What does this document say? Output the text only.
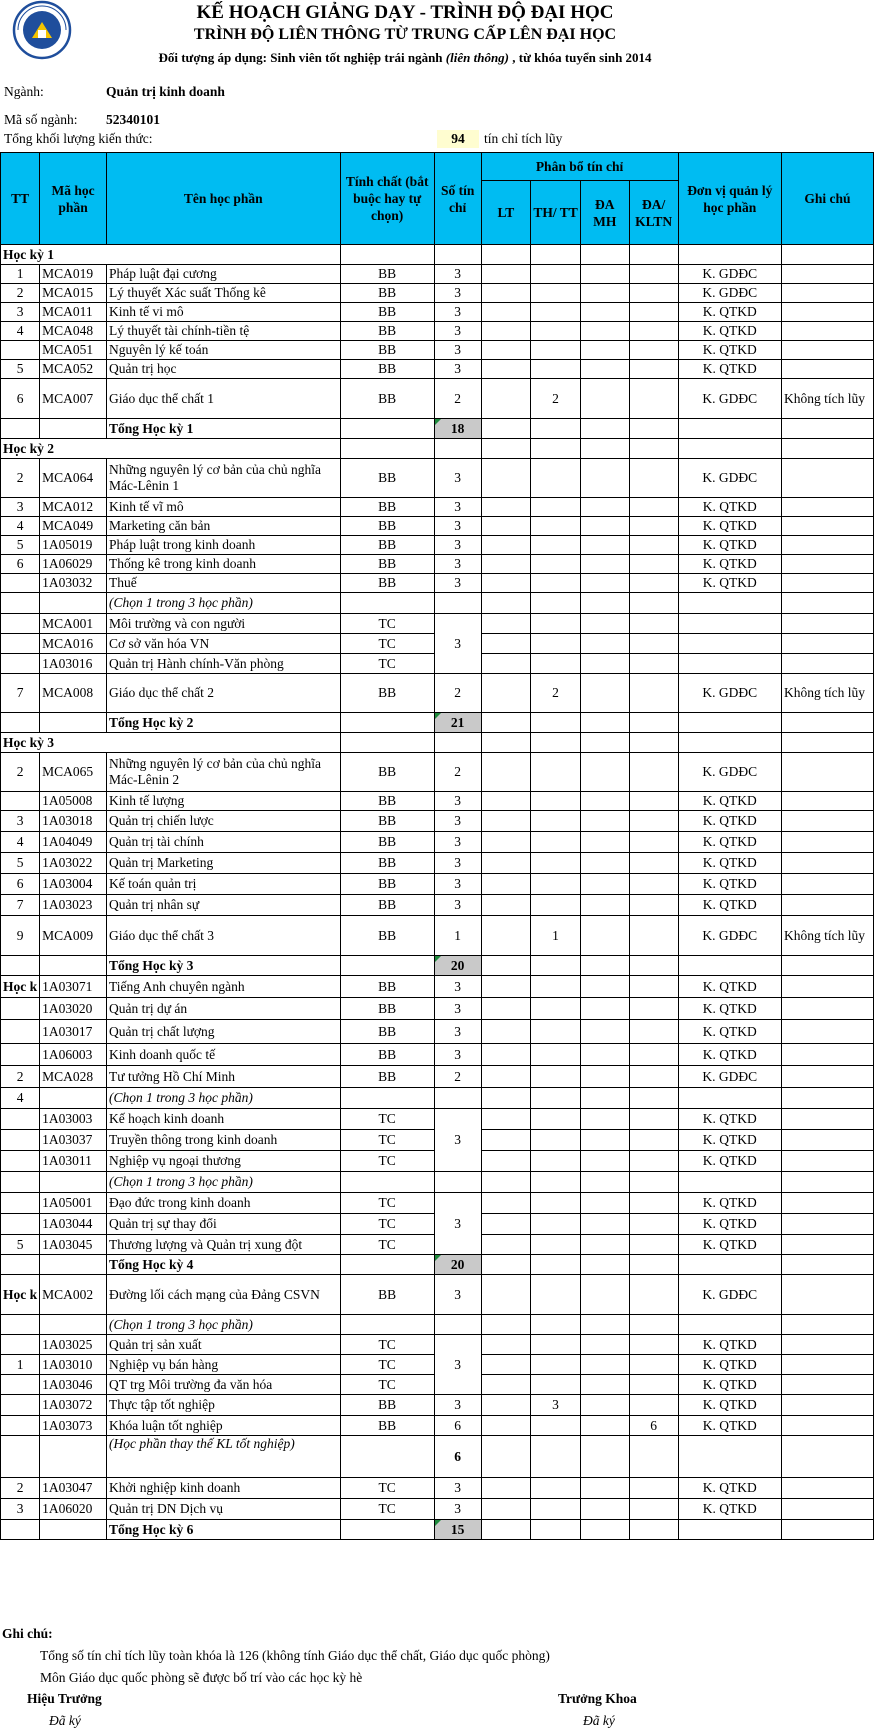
KẾ HOẠCH GIẢNG DẠY - TRÌNH ĐỘ ĐẠI HỌC
TRÌNH ĐỘ LIÊN THÔNG TỪ TRUNG CẤP LÊN ĐẠI HỌC
Đối tượng áp dụng: Sinh viên tốt nghiệp trái ngành (liên thông) , từ khóa tuyển sinh 2014
Ngành:	Quản trị kinh doanh
Mã số ngành: 52340101
Tổng khối lượng kiến thức:	94	tín chỉ tích lũy
TT	Mã học phần	Tên học phần	Tính chất (bắt buộc hay tự chọn)	Số tín chỉ	Phân bổ tín chỉ				Đơn vị quản lý học phần	Ghi chú
					LT	TH/ TT	ĐA MH	ĐA/ KLTN		
Học kỳ 1										
1	MCA019	Pháp luật đại cương	BB	3					K. GDĐC	
2	MCA015	Lý thuyết Xác suất Thống kê	BB	3					K. GDĐC	
3	MCA011	Kinh tế vi mô	BB	3					K. QTKD	
4	MCA048	Lý thuyết tài chính-tiền tệ	BB	3					K. QTKD	
	MCA051	Nguyên lý kế toán	BB	3					K. QTKD	
5	MCA052	Quản trị học	BB	3					K. QTKD	
6	MCA007	Giáo dục thể chất 1	BB	2		2			K. GDĐC	Không tích lũy
		Tổng Học kỳ 1		18						
Học kỳ 2										
2	MCA064	Những nguyên lý cơ bản của chủ nghĩa Mác-Lênin 1	BB	3					K. GDĐC	
3	MCA012	Kinh tế vĩ mô	BB	3					K. QTKD	
4	MCA049	Marketing căn bản	BB	3					K. QTKD	
5	1A05019	Pháp luật trong kinh doanh	BB	3					K. QTKD	
6	1A06029	Thống kê trong kinh doanh	BB	3					K. QTKD	
	1A03032	Thuế	BB	3					K. QTKD	
		(Chọn 1 trong 3 học phần)								
	MCA001	Môi trường và con người	TC	3						
	MCA016	Cơ sở văn hóa VN	TC							
	1A03016	Quản trị Hành chính-Văn phòng	TC							
7	MCA008	Giáo dục thể chất 2	BB	2		2			K. GDĐC	Không tích lũy
		Tổng Học kỳ 2		21						
Học kỳ 3										
2	MCA065	Những nguyên lý cơ bản của chủ nghĩa Mác-Lênin 2	BB	2					K. GDĐC	
	1A05008	Kinh tế lượng	BB	3					K. QTKD	
3	1A03018	Quản trị chiến lược	BB	3					K. QTKD	
4	1A04049	Quản trị tài chính	BB	3					K. QTKD	
5	1A03022	Quản trị Marketing	BB	3					K. QTKD	
6	1A03004	Kế toán quản trị	BB	3					K. QTKD	
7	1A03023	Quản trị nhân sự	BB	3					K. QTKD	
9	MCA009	Giáo dục thể chất 3	BB	1		1			K. GDĐC	Không tích lũy
		Tổng Học kỳ 3		20						
Học k	1A03071	Tiếng Anh chuyên ngành	BB	3					K. QTKD	
	1A03020	Quản trị dự án	BB	3					K. QTKD	
	1A03017	Quản trị chất lượng	BB	3					K. QTKD	
	1A06003	Kinh doanh quốc tế	BB	3					K. QTKD	
2	MCA028	Tư tưởng Hồ Chí Minh	BB	2					K. GDĐC	
4		(Chọn 1 trong 3 học phần)								
	1A03003	Kế hoạch kinh doanh	TC	3					K. QTKD	
	1A03037	Truyền thông trong kinh doanh	TC						K. QTKD	
	1A03011	Nghiệp vụ ngoại thương	TC						K. QTKD	
		(Chọn 1 trong 3 học phần)								
	1A05001	Đạo đức trong kinh doanh	TC	3					K. QTKD	
	1A03044	Quản trị sự thay đổi	TC						K. QTKD	
5	1A03045	Thương lượng và Quản trị xung đột	TC						K. QTKD	
		Tổng Học kỳ 4		20						
Học k	MCA002	Đường lối cách mạng của Đảng CSVN	BB	3					K. GDĐC	
		(Chọn 1 trong 3 học phần)								
	1A03025	Quản trị sản xuất	TC	3					K. QTKD	
1	1A03010	Nghiệp vụ bán hàng	TC						K. QTKD	
	1A03046	QT trg Môi trường đa văn hóa	TC						K. QTKD	
	1A03072	Thực tập tốt nghiệp	BB	3		3			K. QTKD	
	1A03073	Khóa luận tốt nghiệp	BB	6				6	K. QTKD	
		(Học phần thay thế KL tốt nghiệp)		6						
2	1A03047	Khởi nghiệp kinh doanh	TC	3					K. QTKD	
3	1A06020	Quản trị DN Dịch vụ	TC	3					K. QTKD	
		Tổng Học kỳ 6		15						
Ghi chú:
Tổng số tín chỉ tích lũy toàn khóa là 126 (không tính Giáo dục thể chất, Giáo dục quốc phòng)
Môn Giáo dục quốc phòng sẽ được bố trí vào các học kỳ hè
Hiệu Trưởng
Đã ký
Trưởng Khoa
Đã ký
